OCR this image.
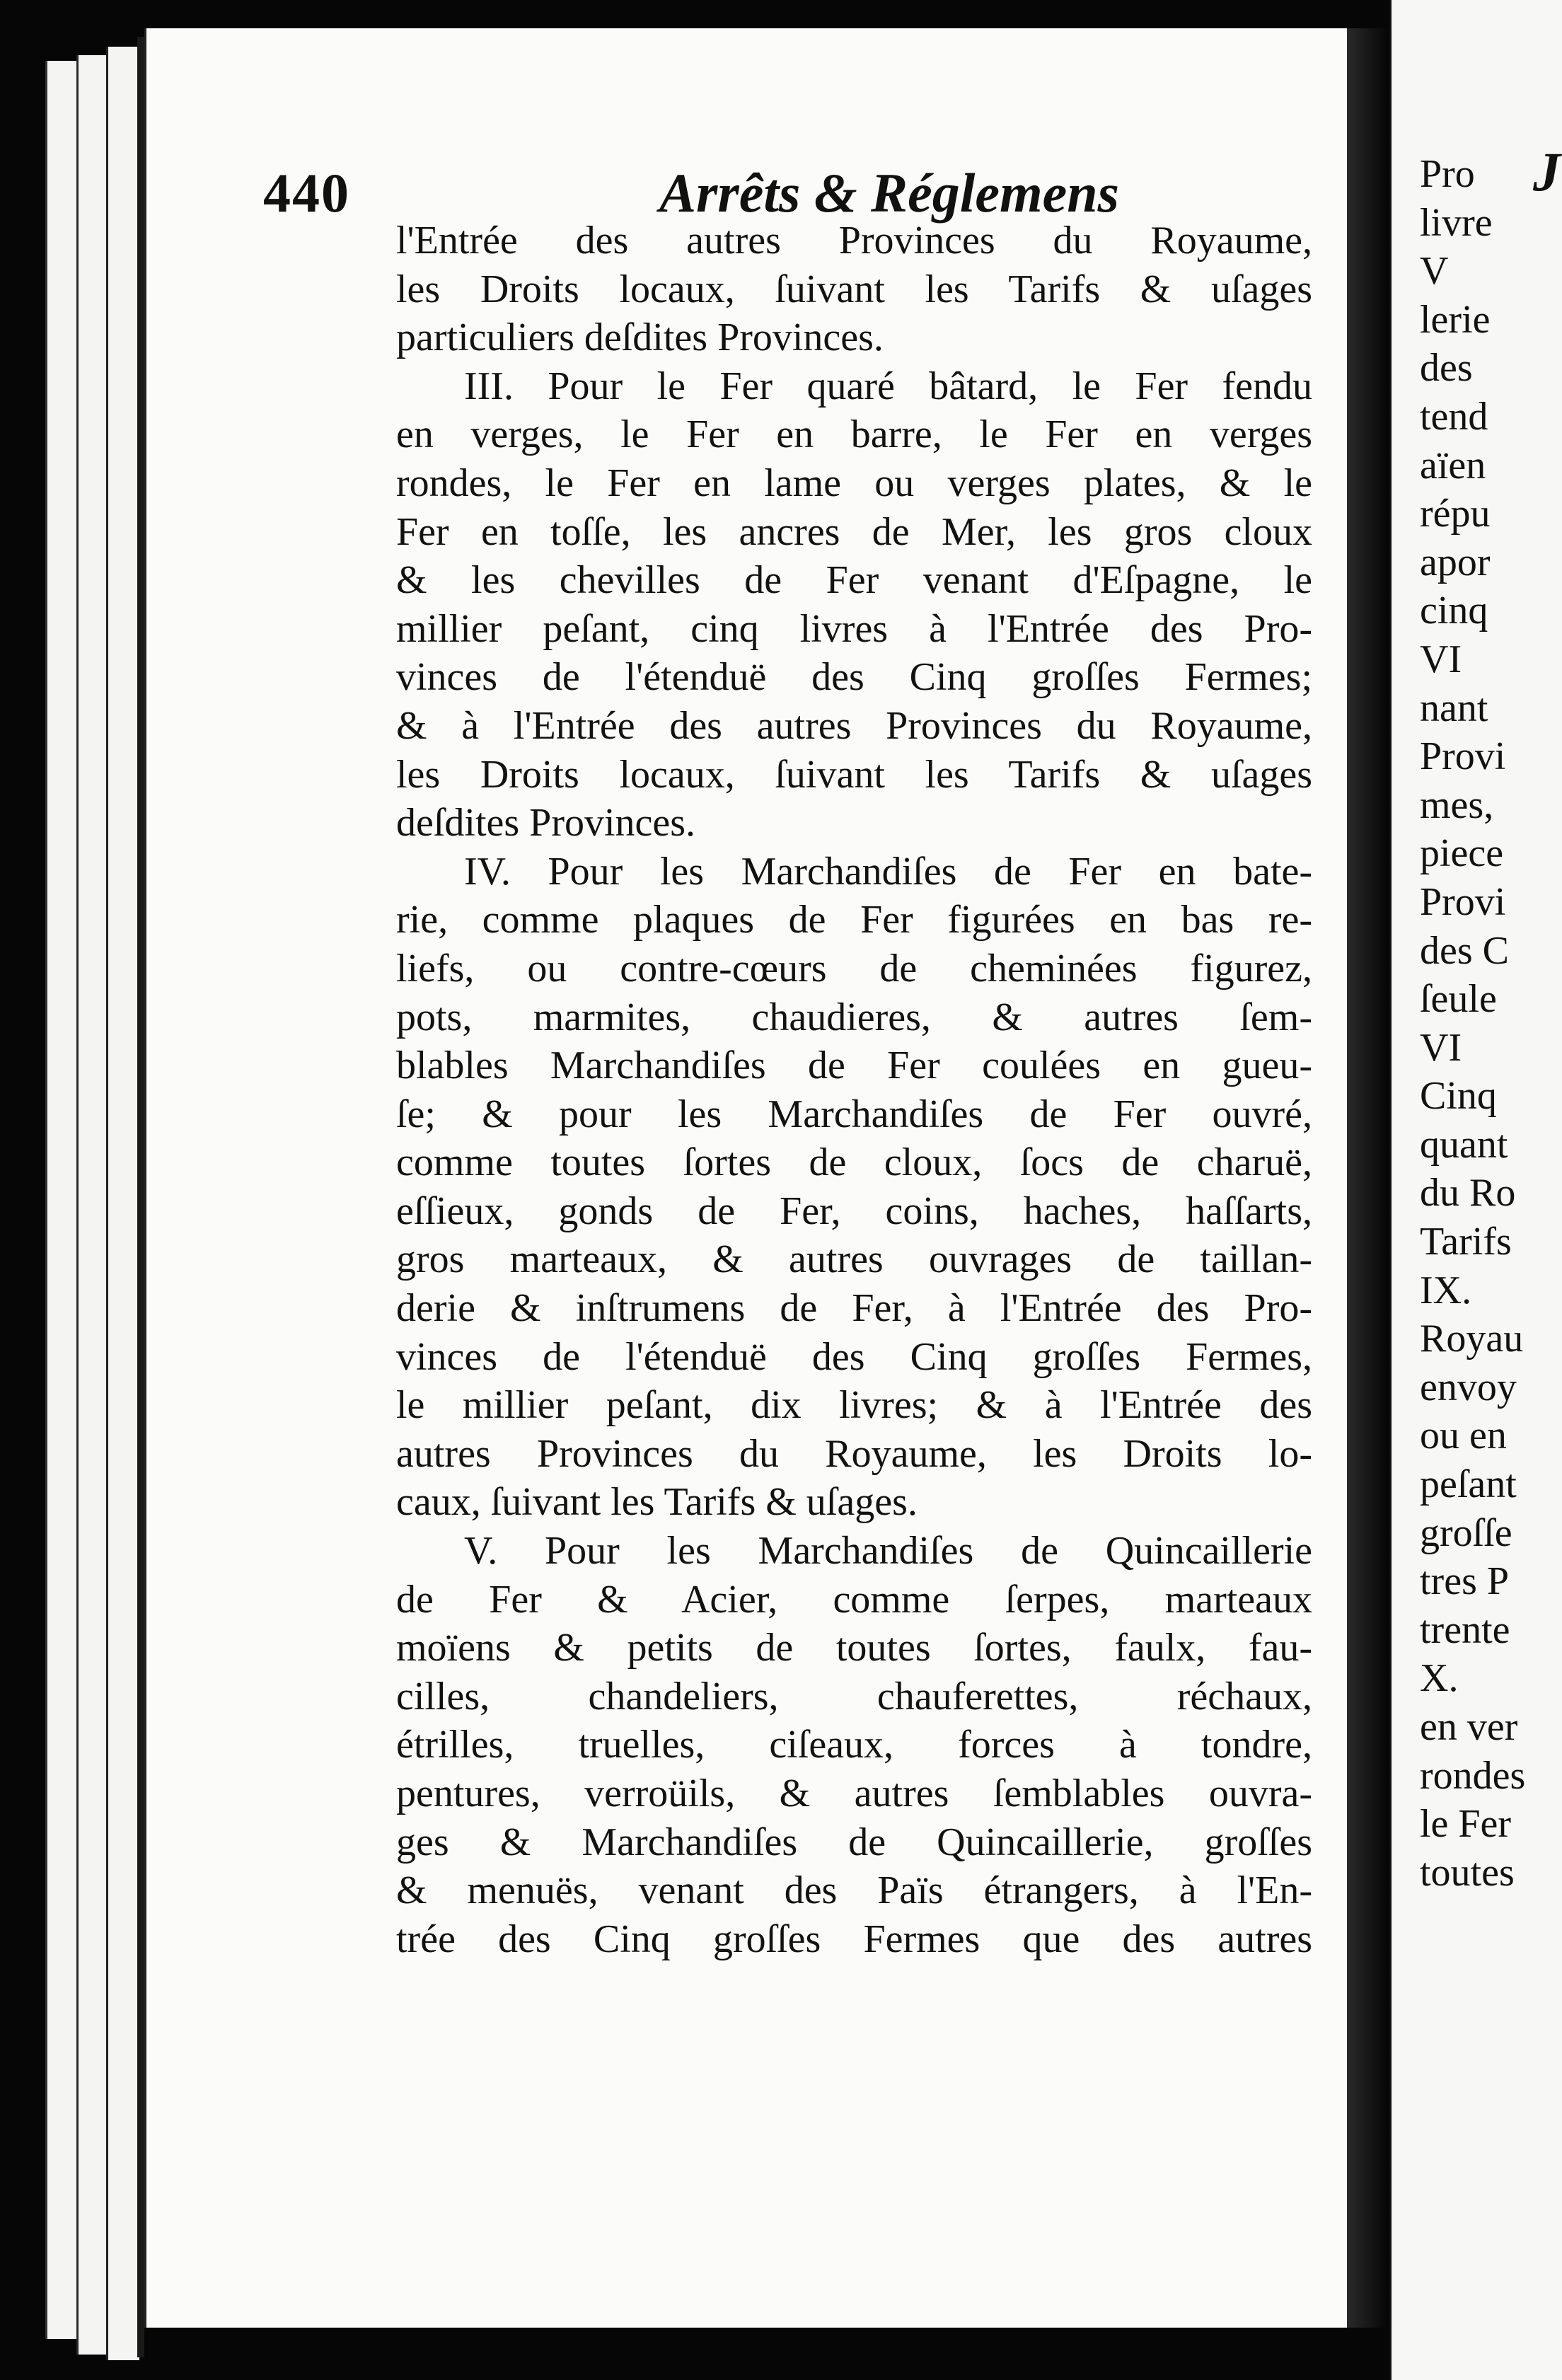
440	Arrêts & Réglemens
l'Entrée des autres Provinces du Royaume,
les Droits locaux, ſuivant les Tarifs & uſages
particuliers deſdites Provinces.
III. Pour le Fer quaré bâtard, le Fer fendu
en verges, le Fer en barre, le Fer en verges
rondes, le Fer en lame ou verges plates, & le
Fer en toſſe, les ancres de Mer, les gros cloux
& les chevilles de Fer venant d'Eſpagne, le
millier peſant, cinq livres à l'Entrée des Pro-
vinces de l'étenduë des Cinq groſſes Fermes;
& à l'Entrée des autres Provinces du Royaume,
les Droits locaux, ſuivant les Tarifs & uſages
deſdites Provinces.
IV. Pour les Marchandiſes de Fer en bate-
rie, comme plaques de Fer figurées en bas re-
liefs, ou contre-cœurs de cheminées figurez,
pots, marmites, chaudieres, & autres ſem-
blables Marchandiſes de Fer coulées en gueu-
ſe; & pour les Marchandiſes de Fer ouvré,
comme toutes ſortes de cloux, ſocs de charuë,
eſſieux, gonds de Fer, coins, haches, haſſarts,
gros marteaux, & autres ouvrages de taillan-
derie & inſtrumens de Fer, à l'Entrée des Pro-
vinces de l'étenduë des Cinq groſſes Fermes,
le millier peſant, dix livres; & à l'Entrée des
autres Provinces du Royaume, les Droits lo-
caux, ſuivant les Tarifs & uſages.
V. Pour les Marchandiſes de Quincaillerie
de Fer & Acier, comme ſerpes, marteaux
moïens & petits de toutes ſortes, faulx, fau-
cilles, chandeliers, chauferettes, réchaux,
étrilles, truelles, ciſeaux, forces à tondre,
pentures, verroüils, & autres ſemblables ouvra-
ges & Marchandiſes de Quincaillerie, groſſes
& menuës, venant des Païs étrangers, à l'En-
trée des Cinq groſſes Fermes que des autres
J
Pro
livre
V
lerie
des
tend
aïen
répu
apor
cinq
VI
nant
Provi
mes,
piece
Provi
des C
ſeule
VI
Cinq
quant
du Ro
Tarifs
IX.
Royau
envoy
ou en
peſant
groſſe
tres P
trente
X.
en ver
rondes
le Fer
toutes
